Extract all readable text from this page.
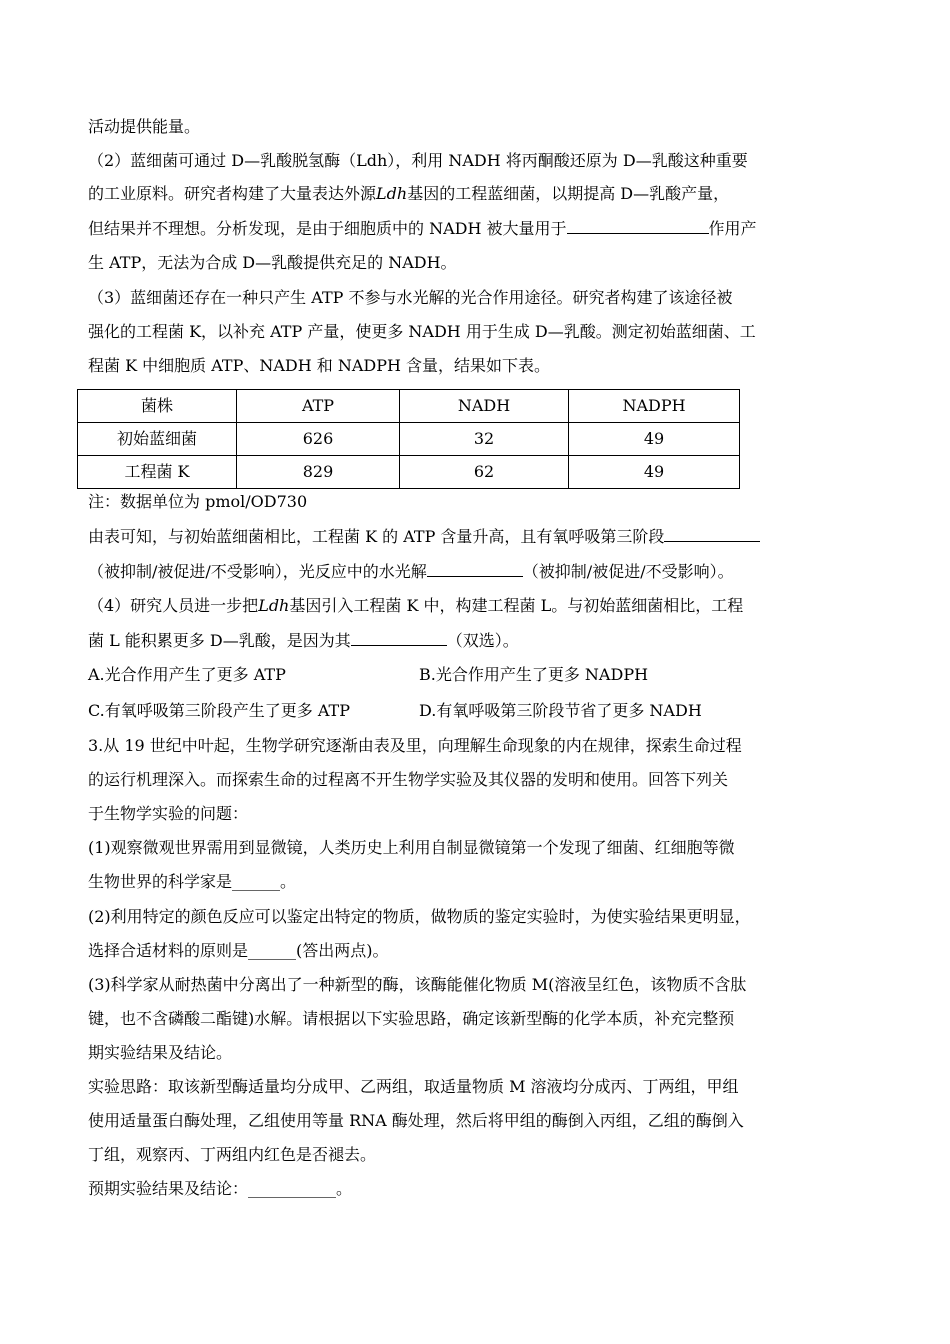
活动提供能量。
（2）蓝细菌可通过 D—乳酸脱氢酶（Ldh），利用 NADH 将丙酮酸还原为 D—乳酸这种重要
的工业原料。研究者构建了大量表达外源Ldh基因的工程蓝细菌，以期提高 D—乳酸产量，
但结果并不理想。分析发现，是由于细胞质中的 NADH 被大量用于	作用产
生 ATP，无法为合成 D—乳酸提供充足的 NADH。
（3）蓝细菌还存在一种只产生 ATP 不参与水光解的光合作用途径。研究者构建了该途径被
强化的工程菌 K，以补充 ATP 产量，使更多 NADH 用于生成 D—乳酸。测定初始蓝细菌、工
程菌 K 中细胞质 ATP、NADH 和 NADPH 含量，结果如下表。
菌株	ATP	NADH	NADPH
初始蓝细菌	626	32	49
工程菌 K	829	62	49
注：数据单位为 pmol/OD730
由表可知，与初始蓝细菌相比，工程菌 K 的 ATP 含量升高，且有氧呼吸第三阶段
（被抑制/被促进/不受影响），光反应中的水光解	（被抑制/被促进/不受影响）。
（4）研究人员进一步把Ldh基因引入工程菌 K 中，构建工程菌 L。与初始蓝细菌相比，工程
菌 L 能积累更多 D—乳酸，是因为其	（双选）。
A.光合作用产生了更多 ATP	B.光合作用产生了更多 NADPH
C.有氧呼吸第三阶段产生了更多 ATP	D.有氧呼吸第三阶段节省了更多 NADH
3.从 19 世纪中叶起，生物学研究逐渐由表及里，向理解生命现象的内在规律，探索生命过程
的运行机理深入。而探索生命的过程离不开生物学实验及其仪器的发明和使用。回答下列关
于生物学实验的问题：
(1)观察微观世界需用到显微镜，人类历史上利用自制显微镜第一个发现了细菌、红细胞等微
生物世界的科学家是______。
(2)利用特定的颜色反应可以鉴定出特定的物质，做物质的鉴定实验时，为使实验结果更明显，
选择合适材料的原则是______(答出两点)。
(3)科学家从耐热菌中分离出了一种新型的酶，该酶能催化物质 M(溶液呈红色，该物质不含肽
键，也不含磷酸二酯键)水解。请根据以下实验思路，确定该新型酶的化学本质，补充完整预
期实验结果及结论。
实验思路：取该新型酶适量均分成甲、乙两组，取适量物质 M 溶液均分成丙、丁两组，甲组
使用适量蛋白酶处理，乙组使用等量 RNA 酶处理，然后将甲组的酶倒入丙组，乙组的酶倒入
丁组，观察丙、丁两组内红色是否褪去。
预期实验结果及结论：___________。
